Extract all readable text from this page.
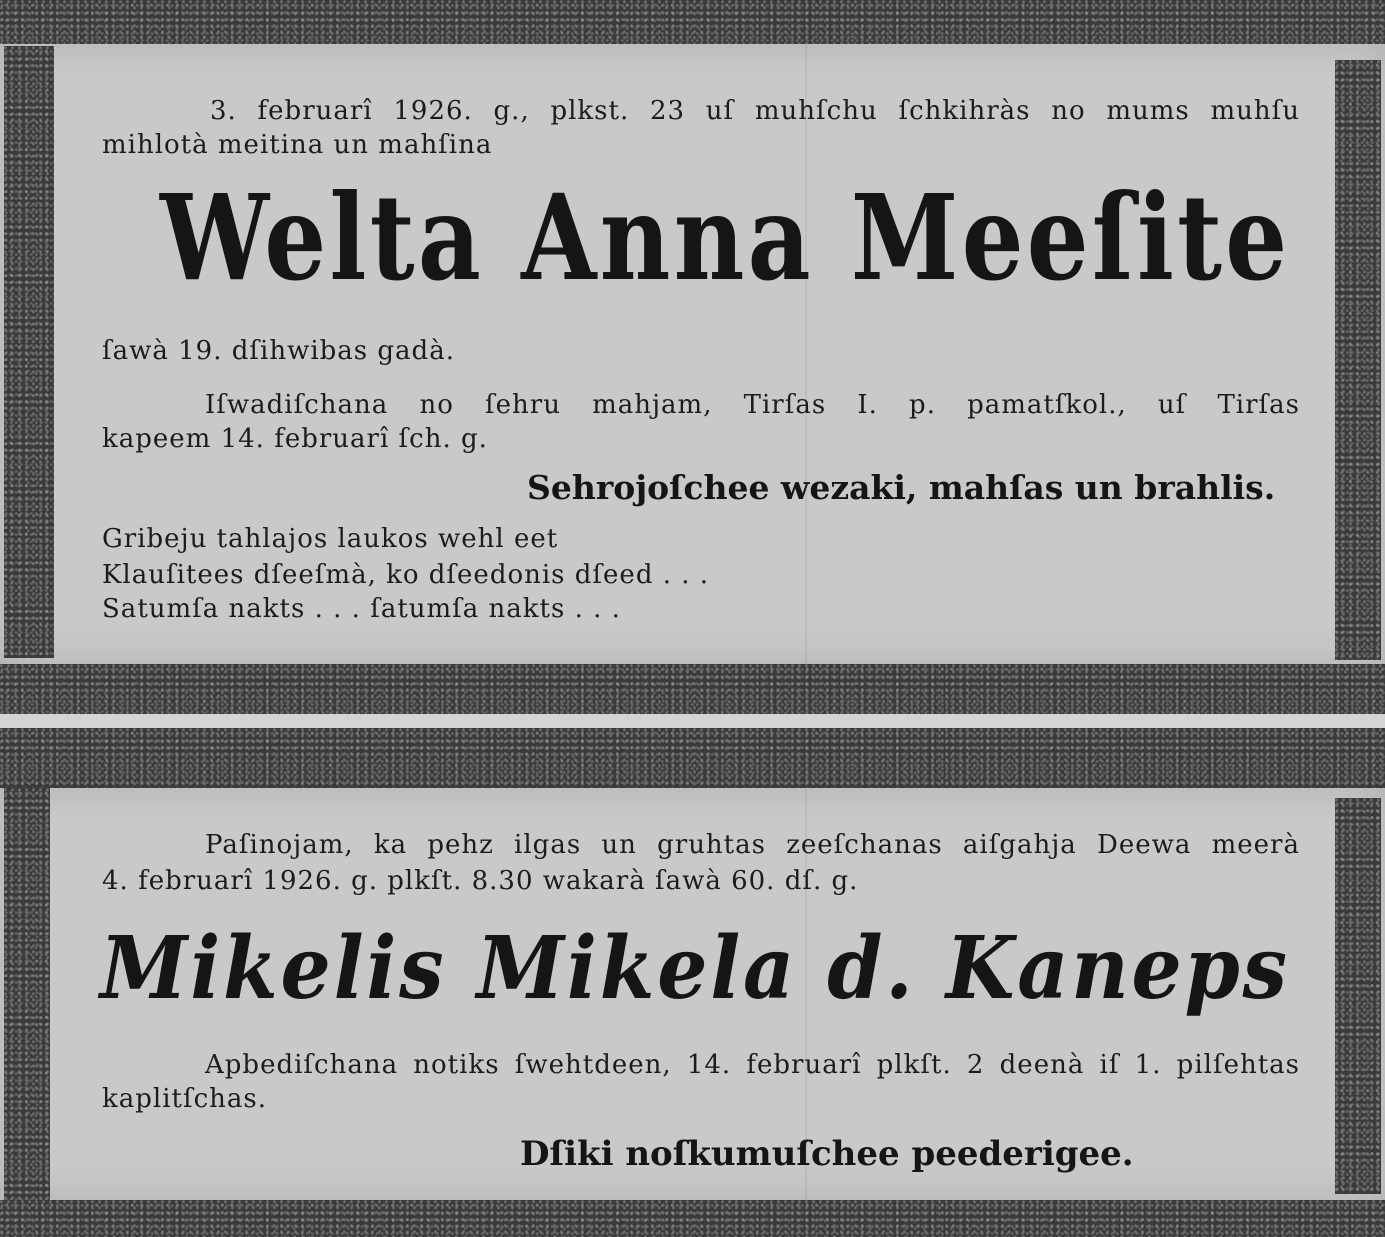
3. februarî 1926. g., plkst. 23 uſ muhſchu ſchkihràs no mums muhſu
mihlotà meitina un mahſina
Welta Anna Meeſite
ſawà 19. dſihwibas gadà.
Iſwadiſchana no ſehru mahjam, Tirſas I. p. pamatſkol., uſ Tirſas
kapeem 14. februarî ſch. g.
Sehrojoſchee wezaki, mahſas un brahlis.
Gribeju tahlajos laukos wehl eet
Klauſitees dſeeſmà, ko dſeedonis dſeed . . .
Satumſa nakts . . . ſatumſa nakts . . .
Paſinojam, ka pehz ilgas un gruhtas zeeſchanas aiſgahja Deewa meerà
4. februarî 1926. g. plkſt. 8.30 wakarà ſawà 60. dſ. g.
Mikelis Mikela d. Kaneps
Apbediſchana notiks ſwehtdeen, 14. februarî plkſt. 2 deenà iſ 1. pilſehtas
kaplitſchas.
Dſiki noſkumuſchee peederigee.
